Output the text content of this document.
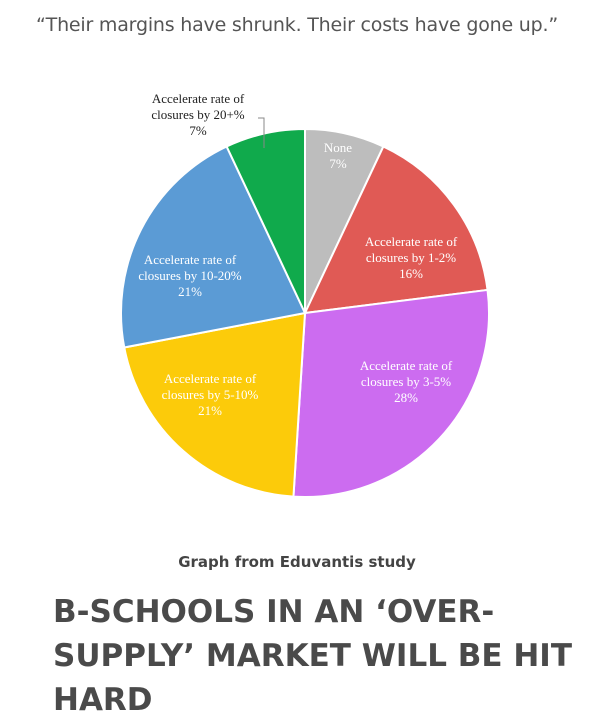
“Their margins have shrunk. Their costs have gone up.”
None 7%
Accelerate rate of closures by 1-2% 16%
Accelerate rate of closures by 3-5% 28%
Accelerate rate of closures by 5-10% 21%
Accelerate rate of closures by 10-20% 21%
Accelerate rate of closures by 20+% 7%
Graph from Eduvantis study
B-SCHOOLS IN AN ‘OVER-SUPPLY’ MARKET WILL BE HIT HARD
